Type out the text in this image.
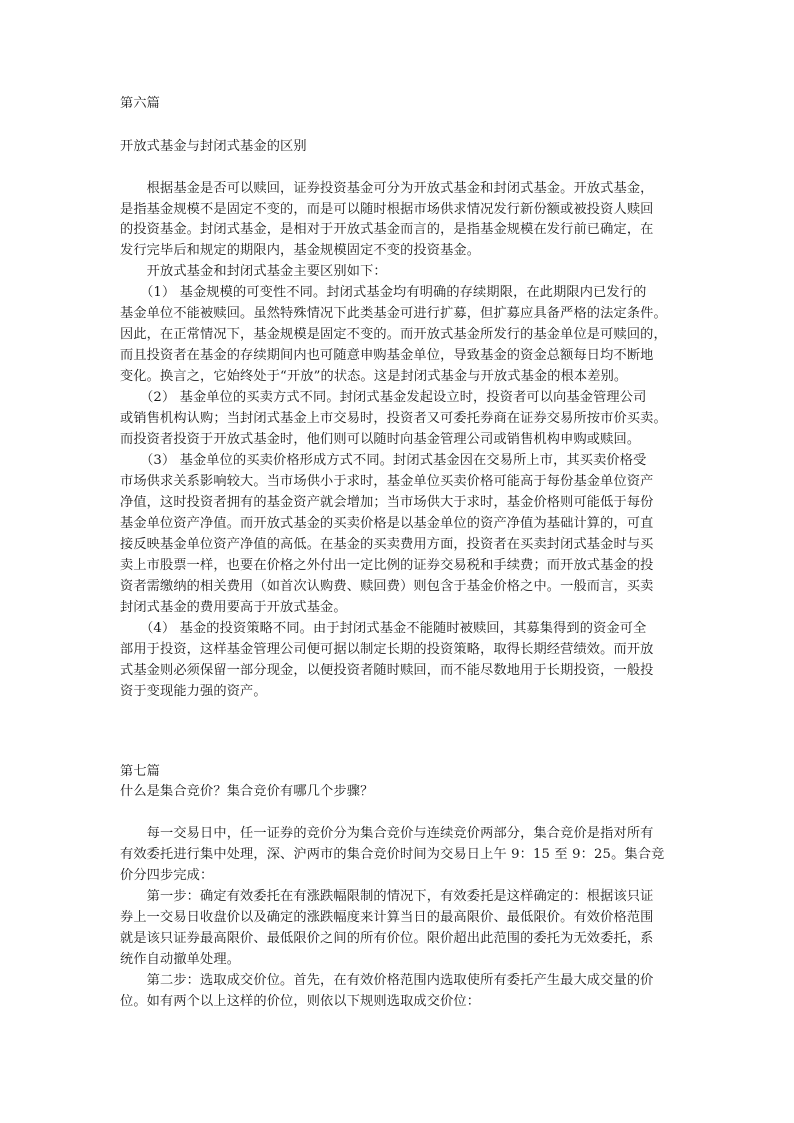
第六篇
开放式基金与封闭式基金的区别
　　根据基金是否可以赎回，证券投资基金可分为开放式基金和封闭式基金。开放式基金，
是指基金规模不是固定不变的，而是可以随时根据市场供求情况发行新份额或被投资人赎回
的投资基金。封闭式基金，是相对于开放式基金而言的，是指基金规模在发行前已确定，在
发行完毕后和规定的期限内，基金规模固定不变的投资基金。
　　开放式基金和封闭式基金主要区别如下：
　　（1） 基金规模的可变性不同。封闭式基金均有明确的存续期限，在此期限内已发行的
基金单位不能被赎回。虽然特殊情况下此类基金可进行扩募，但扩募应具备严格的法定条件。
因此，在正常情况下，基金规模是固定不变的。而开放式基金所发行的基金单位是可赎回的，
而且投资者在基金的存续期间内也可随意申购基金单位，导致基金的资金总额每日均不断地
变化。换言之，它始终处于“开放”的状态。这是封闭式基金与开放式基金的根本差别。
　　（2） 基金单位的买卖方式不同。封闭式基金发起设立时，投资者可以向基金管理公司
或销售机构认购；当封闭式基金上市交易时，投资者又可委托券商在证券交易所按市价买卖。
而投资者投资于开放式基金时，他们则可以随时向基金管理公司或销售机构申购或赎回。
　　（3） 基金单位的买卖价格形成方式不同。封闭式基金因在交易所上市，其买卖价格受
市场供求关系影响较大。当市场供小于求时，基金单位买卖价格可能高于每份基金单位资产
净值，这时投资者拥有的基金资产就会增加；当市场供大于求时，基金价格则可能低于每份
基金单位资产净值。而开放式基金的买卖价格是以基金单位的资产净值为基础计算的，可直
接反映基金单位资产净值的高低。在基金的买卖费用方面，投资者在买卖封闭式基金时与买
卖上市股票一样，也要在价格之外付出一定比例的证券交易税和手续费；而开放式基金的投
资者需缴纳的相关费用（如首次认购费、赎回费）则包含于基金价格之中。一般而言，买卖
封闭式基金的费用要高于开放式基金。
　　（4） 基金的投资策略不同。由于封闭式基金不能随时被赎回，其募集得到的资金可全
部用于投资，这样基金管理公司便可据以制定长期的投资策略，取得长期经营绩效。而开放
式基金则必须保留一部分现金，以便投资者随时赎回，而不能尽数地用于长期投资，一般投
资于变现能力强的资产。
第七篇
什么是集合竞价？集合竞价有哪几个步骤？
　　每一交易日中，任一证券的竞价分为集合竞价与连续竞价两部分，集合竞价是指对所有
有效委托进行集中处理，深、沪两市的集合竞价时间为交易日上午 9：15 至 9：25。集合竞
价分四步完成：
　　第一步：确定有效委托在有涨跌幅限制的情况下，有效委托是这样确定的：根据该只证
券上一交易日收盘价以及确定的涨跌幅度来计算当日的最高限价、最低限价。有效价格范围
就是该只证券最高限价、最低限价之间的所有价位。限价超出此范围的委托为无效委托，系
统作自动撤单处理。
　　第二步：选取成交价位。首先，在有效价格范围内选取使所有委托产生最大成交量的价
位。如有两个以上这样的价位，则依以下规则选取成交价位：
